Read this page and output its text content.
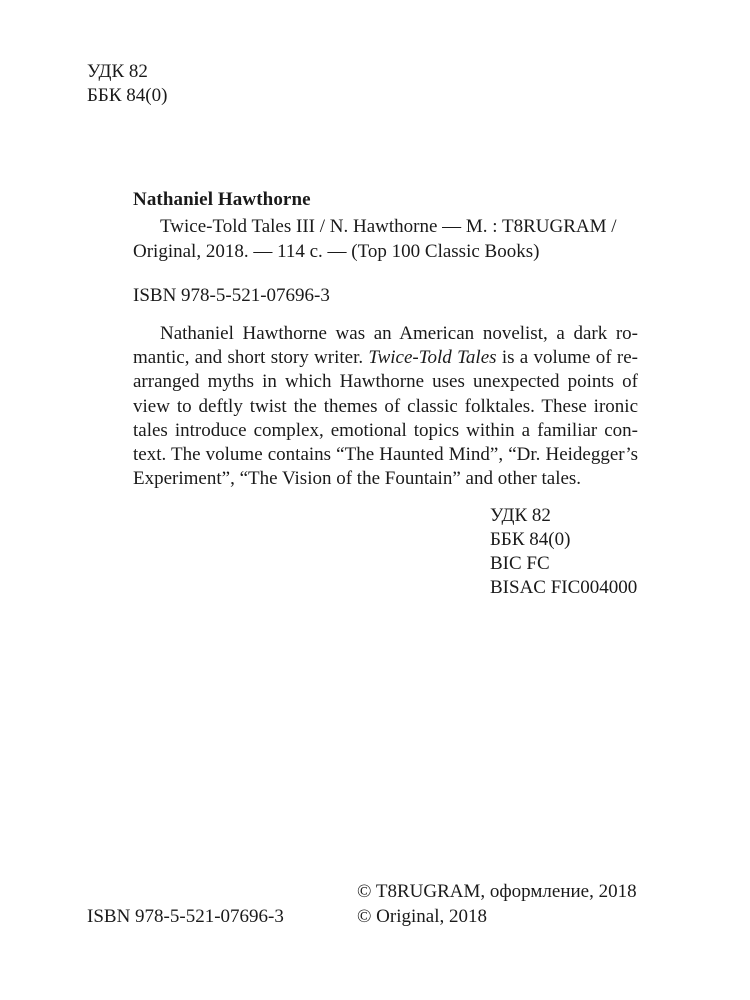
УДК 82
ББК 84(0)
Nathaniel Hawthorne
Twice-Told Tales III / N. Hawthorne — M. : T8RUGRAM /
Original, 2018. — 114 с. — (Top 100 Classic Books)
ISBN 978-5-521-07696-3
Nathaniel Hawthorne was an American novelist, a dark ro-
mantic, and short story writer. Twice-Told Tales is a volume of re-
arranged myths in which Hawthorne uses unexpected points of
view to deftly twist the themes of classic folktales. These ironic
tales introduce complex, emotional topics within a familiar con-
text. The volume contains “The Haunted Mind”, “Dr. Heidegger’s
Experiment”, “The Vision of the Fountain” and other tales.
УДК 82
ББК 84(0)
BIC FC
BISAC FIC004000
ISBN 978-5-521-07696-3
© T8RUGRAM, оформление, 2018
© Original, 2018
